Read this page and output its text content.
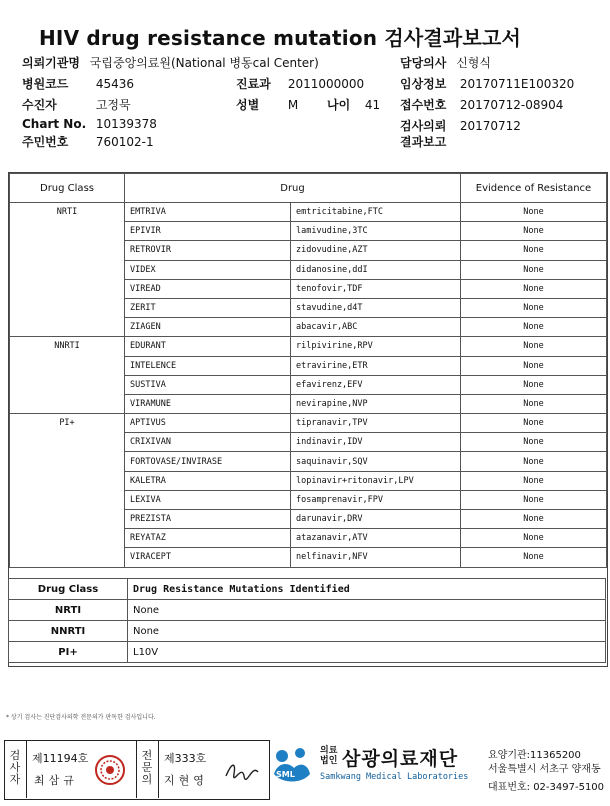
HIV drug resistance mutation 검사결과보고서
의뢰기관명 국립중앙의료원(National 병동cal Center)	담당의사 신형식
병원코드 45436	진료과 2011000000	임상정보 20170711E100320
수진자	고정묵	성별 M 나이 41 접수번호 20170712-08904
Chart No. 10139378	검사의뢰 20170712
주민번호 760102-1	결과보고
Drug Class	Drug		Evidence of Resistance
NRTI	EMTRIVA	emtricitabine,FTC	None
	EPIVIR	lamivudine,3TC	None
	RETROVIR	zidovudine,AZT	None
	VIDEX	didanosine,ddI	None
	VIREAD	tenofovir,TDF	None
	ZERIT	stavudine,d4T	None
	ZIAGEN	abacavir,ABC	None
NNRTI	EDURANT	rilpivirine,RPV	None
	INTELENCE	etravirine,ETR	None
	SUSTIVA	efavirenz,EFV	None
	VIRAMUNE	nevirapine,NVP	None
PI+	APTIVUS	tipranavir,TPV	None
	CRIXIVAN	indinavir,IDV	None
	FORTOVASE/INVIRASE	saquinavir,SQV	None
	KALETRA	lopinavir+ritonavir,LPV	None
	LEXIVA	fosamprenavir,FPV	None
	PREZISTA	darunavir,DRV	None
	REYATAZ	atazanavir,ATV	None
	VIRACEPT	nelfinavir,NFV	None
Drug Class	Drug Resistance Mutations Identified
NRTI	None
NNRTI	None
PI+	L10V
* 상기 검사는 진단검사의학 전문의가 판독한 검사입니다.
검사자
제11194호
최삼규
전문의
제333호
지현영	SML
의료
법인 삼광의료재단
Samkwang Medical Laboratories
요양기관:11365200
서울특별시 서초구 양재동
대표번호: 02-3497-5100
